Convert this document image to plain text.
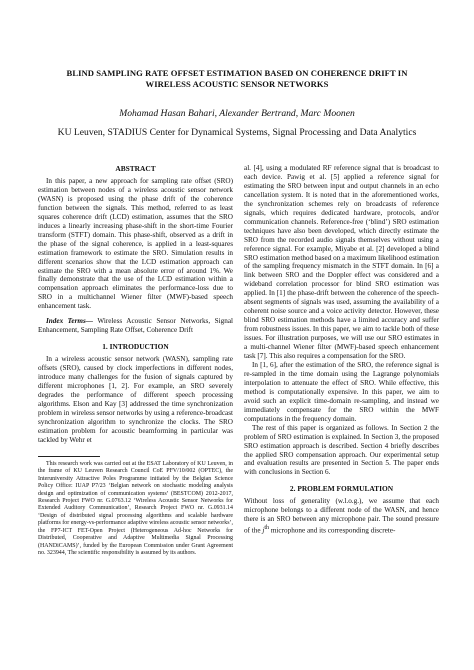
BLIND SAMPLING RATE OFFSET ESTIMATION BASED ON COHERENCE DRIFT IN
WIRELESS ACOUSTIC SENSOR NETWORKS
Mohamad Hasan Bahari, Alexander Bertrand, Marc Moonen
KU Leuven, STADIUS Center for Dynamical Systems, Signal Processing and Data Analytics
ABSTRACT

In this paper, a new approach for sampling rate offset (SRO) estimation between nodes of a wireless acoustic sensor network (WASN) is proposed using the phase drift of the coherence function between the signals. This method, referred to as least squares coherence drift (LCD) estimation, assumes that the SRO induces a linearly increasing phase-shift in the short-time Fourier transform (STFT) domain. This phase-shift, observed as a drift in the phase of the signal coherence, is applied in a least-squares estimation framework to estimate the SRO. Simulation results in different scenarios show that the LCD estimation approach can estimate the SRO with a mean absolute error of around 1%. We finally demonstrate that the use of the LCD estimation within a compensation approach eliminates the performance-loss due to SRO in a multichannel Wiener filter (MWF)-based speech enhancement task.

Index Terms— Wireless Acoustic Sensor Networks, Signal Enhancement, Sampling Rate Offset, Coherence Drift

1. INTRODUCTION

In a wireless acoustic sensor network (WASN), sampling rate offsets (SRO), caused by clock imperfections in different nodes, introduce many challenges for the fusion of signals captured by different microphones [1, 2]. For example, an SRO severely degrades the performance of different speech processing algorithms. Elson and Kay [3] addressed the time synchronization problem in wireless sensor networks by using a reference-broadcast synchronization algorithm to synchronize the clocks. The SRO estimation problem for acoustic beamforming in particular was tackled by Wehr et

This research work was carried out at the ESAT Laboratory of KU Leuven, in the frame of KU Leuven Research Council CoE PFV/10/002 (OPTEC), the Interuniversity Attractive Poles Programme initiated by the Belgian Science Policy Office: IUAP P7/23 ‘Belgian network on stochastic modeling analysis design and optimization of communication systems’ (BESTCOM) 2012-2017, Research Project FWO nr. G.0763.12 ‘Wireless Acoustic Sensor Networks for Extended Auditory Communication’, Research Project FWO nr. G.0931.14 ‘Design of distributed signal processing algorithms and scalable hardware platforms for energy-vs-performance adaptive wireless acoustic sensor networks’, the FP7-ICT FET-Open Project (Heterogeneous Ad-hoc Networks for Distributed, Cooperative and Adaptive Multimedia Signal Processing (HANDiCAMS)’, funded by the European Commission under Grant Agreement no. 323944, The scientific responsibility is assumed by its authors.

al. [4], using a modulated RF reference signal that is broadcast to each device. Pawig et al. [5] applied a reference signal for estimating the SRO between input and output channels in an echo cancellation system. It is noted that in the aforementioned works, the synchronization schemes rely on broadcasts of reference signals, which requires dedicated hardware, protocols, and/or communication channels. Reference-free (‘blind’) SRO estimation techniques have also been developed, which directly estimate the SRO from the recorded audio signals themselves without using a reference signal. For example, Miyabe et al. [2] developed a blind SRO estimation method based on a maximum likelihood estimation of the sampling frequency mismatch in the STFT domain. In [6] a link between SRO and the Doppler effect was considered and a wideband correlation processor for blind SRO estimation was applied. In [1] the phase-drift between the coherence of the speech-absent segments of signals was used, assuming the availability of a coherent noise source and a voice activity detector. However, these blind SRO estimation methods have a limited accuracy and suffer from robustness issues. In this paper, we aim to tackle both of these issues. For illustration purposes, we will use our SRO estimates in a multi-channel Wiener filter (MWF)-based speech enhancement task [7]. This also requires a compensation for the SRO.

In [1, 6], after the estimation of the SRO, the reference signal is re-sampled in the time domain using the Lagrange polynomials interpolation to attenuate the effect of SRO. While effective, this method is computationally expensive. In this paper, we aim to avoid such an explicit time-domain re-sampling, and instead we immediately compensate for the SRO within the MWF computations in the frequency domain.

The rest of this paper is organized as follows. In Section 2 the problem of SRO estimation is explained. In Section 3, the proposed SRO estimation approach is described. Section 4 briefly describes the applied SRO compensation approach. Our experimental setup and evaluation results are presented in Section 5. The paper ends with conclusions in Section 6.

2. PROBLEM FORMULATION

Without loss of generality (w.l.o.g.), we assume that each microphone belongs to a different node of the WASN, and hence there is an SRO between any microphone pair. The sound pressure of the $j^{th}$ microphone and its corresponding discrete-
